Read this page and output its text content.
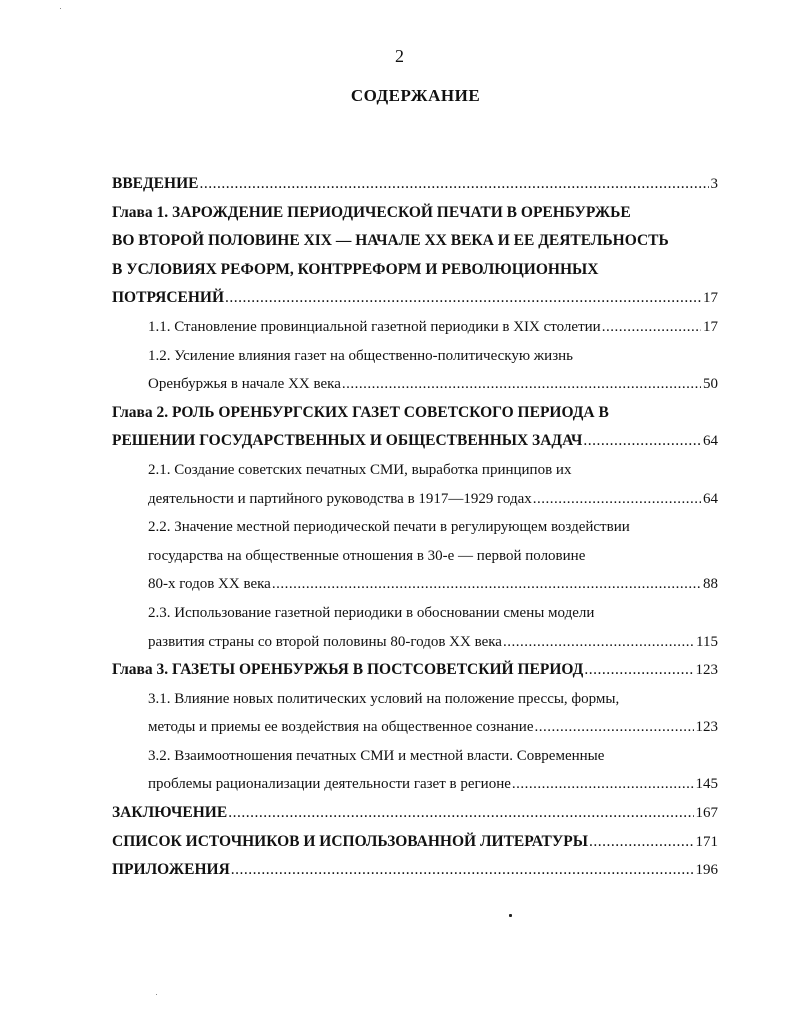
2
СОДЕРЖАНИЕ
ВВЕДЕНИЕ .....	3
Глава 1. ЗАРОЖДЕНИЕ ПЕРИОДИЧЕСКОЙ ПЕЧАТИ В ОРЕНБУРЖЬЕ
ВО ВТОРОЙ ПОЛОВИНЕ XIX — НАЧАЛЕ XX ВЕКА И ЕЕ ДЕЯТЕЛЬНОСТЬ
В УСЛОВИЯХ РЕФОРМ, КОНТРРЕФОРМ И РЕВОЛЮЦИОННЫХ
ПОТРЯСЕНИЙ .....	17
1.1. Становление провинциальной газетной периодики в XIX столетии .....	17
1.2. Усиление влияния газет на общественно-политическую жизнь
Оренбуржья в начале XX века .....	50
Глава 2. РОЛЬ ОРЕНБУРГСКИХ ГАЗЕТ СОВЕТСКОГО ПЕРИОДА В
РЕШЕНИИ ГОСУДАРСТВЕННЫХ И ОБЩЕСТВЕННЫХ ЗАДАЧ .....	64
2.1. Создание советских печатных СМИ, выработка принципов их
деятельности и партийного руководства в 1917—1929 годах .....	64
2.2. Значение местной периодической печати в регулирующем воздействии
государства на общественные отношения в 30-е — первой половине
80-х годов XX века .....	88
2.3. Использование газетной периодики в обосновании смены модели
развития страны со второй половины 80-годов XX века .....	115
Глава 3. ГАЗЕТЫ ОРЕНБУРЖЬЯ В ПОСТСОВЕТСКИЙ ПЕРИОД .....	123
3.1. Влияние новых политических условий на положение прессы, формы,
методы и приемы ее воздействия на общественное сознание .....	123
3.2. Взаимоотношения печатных СМИ и местной власти. Современные
проблемы рационализации деятельности газет в регионе .....	145
ЗАКЛЮЧЕНИЕ .....	167
СПИСОК ИСТОЧНИКОВ И ИСПОЛЬЗОВАННОЙ ЛИТЕРАТУРЫ .....	171
ПРИЛОЖЕНИЯ .....	196
